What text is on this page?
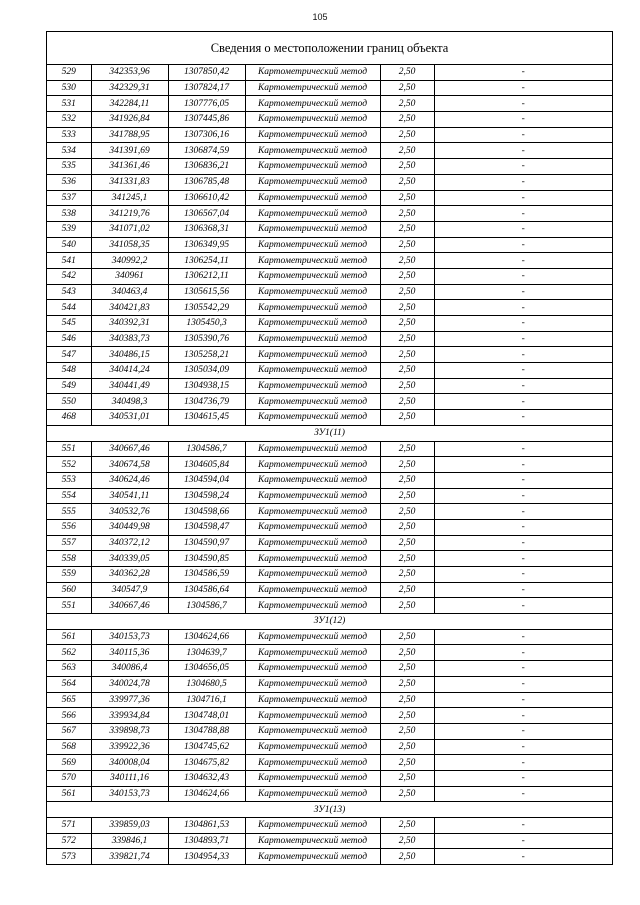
105
Сведения о местоположении границ объекта
529	342353,96	1307850,42	Картометрический метод	2,50	-
530	342329,31	1307824,17	Картометрический метод	2,50	-
531	342284,11	1307776,05	Картометрический метод	2,50	-
532	341926,84	1307445,86	Картометрический метод	2,50	-
533	341788,95	1307306,16	Картометрический метод	2,50	-
534	341391,69	1306874,59	Картометрический метод	2,50	-
535	341361,46	1306836,21	Картометрический метод	2,50	-
536	341331,83	1306785,48	Картометрический метод	2,50	-
537	341245,1	1306610,42	Картометрический метод	2,50	-
538	341219,76	1306567,04	Картометрический метод	2,50	-
539	341071,02	1306368,31	Картометрический метод	2,50	-
540	341058,35	1306349,95	Картометрический метод	2,50	-
541	340992,2	1306254,11	Картометрический метод	2,50	-
542	340961	1306212,11	Картометрический метод	2,50	-
543	340463,4	1305615,56	Картометрический метод	2,50	-
544	340421,83	1305542,29	Картометрический метод	2,50	-
545	340392,31	1305450,3	Картометрический метод	2,50	-
546	340383,73	1305390,76	Картометрический метод	2,50	-
547	340486,15	1305258,21	Картометрический метод	2,50	-
548	340414,24	1305034,09	Картометрический метод	2,50	-
549	340441,49	1304938,15	Картометрический метод	2,50	-
550	340498,3	1304736,79	Картометрический метод	2,50	-
468	340531,01	1304615,45	Картометрический метод	2,50	-
ЗУ1(11)					
551	340667,46	1304586,7	Картометрический метод	2,50	-
552	340674,58	1304605,84	Картометрический метод	2,50	-
553	340624,46	1304594,04	Картометрический метод	2,50	-
554	340541,11	1304598,24	Картометрический метод	2,50	-
555	340532,76	1304598,66	Картометрический метод	2,50	-
556	340449,98	1304598,47	Картометрический метод	2,50	-
557	340372,12	1304590,97	Картометрический метод	2,50	-
558	340339,05	1304590,85	Картометрический метод	2,50	-
559	340362,28	1304586,59	Картометрический метод	2,50	-
560	340547,9	1304586,64	Картометрический метод	2,50	-
551	340667,46	1304586,7	Картометрический метод	2,50	-
ЗУ1(12)					
561	340153,73	1304624,66	Картометрический метод	2,50	-
562	340115,36	1304639,7	Картометрический метод	2,50	-
563	340086,4	1304656,05	Картометрический метод	2,50	-
564	340024,78	1304680,5	Картометрический метод	2,50	-
565	339977,36	1304716,1	Картометрический метод	2,50	-
566	339934,84	1304748,01	Картометрический метод	2,50	-
567	339898,73	1304788,88	Картометрический метод	2,50	-
568	339922,36	1304745,62	Картометрический метод	2,50	-
569	340008,04	1304675,82	Картометрический метод	2,50	-
570	340111,16	1304632,43	Картометрический метод	2,50	-
561	340153,73	1304624,66	Картометрический метод	2,50	-
ЗУ1(13)					
571	339859,03	1304861,53	Картометрический метод	2,50	-
572	339846,1	1304893,71	Картометрический метод	2,50	-
573	339821,74	1304954,33	Картометрический метод	2,50	-
